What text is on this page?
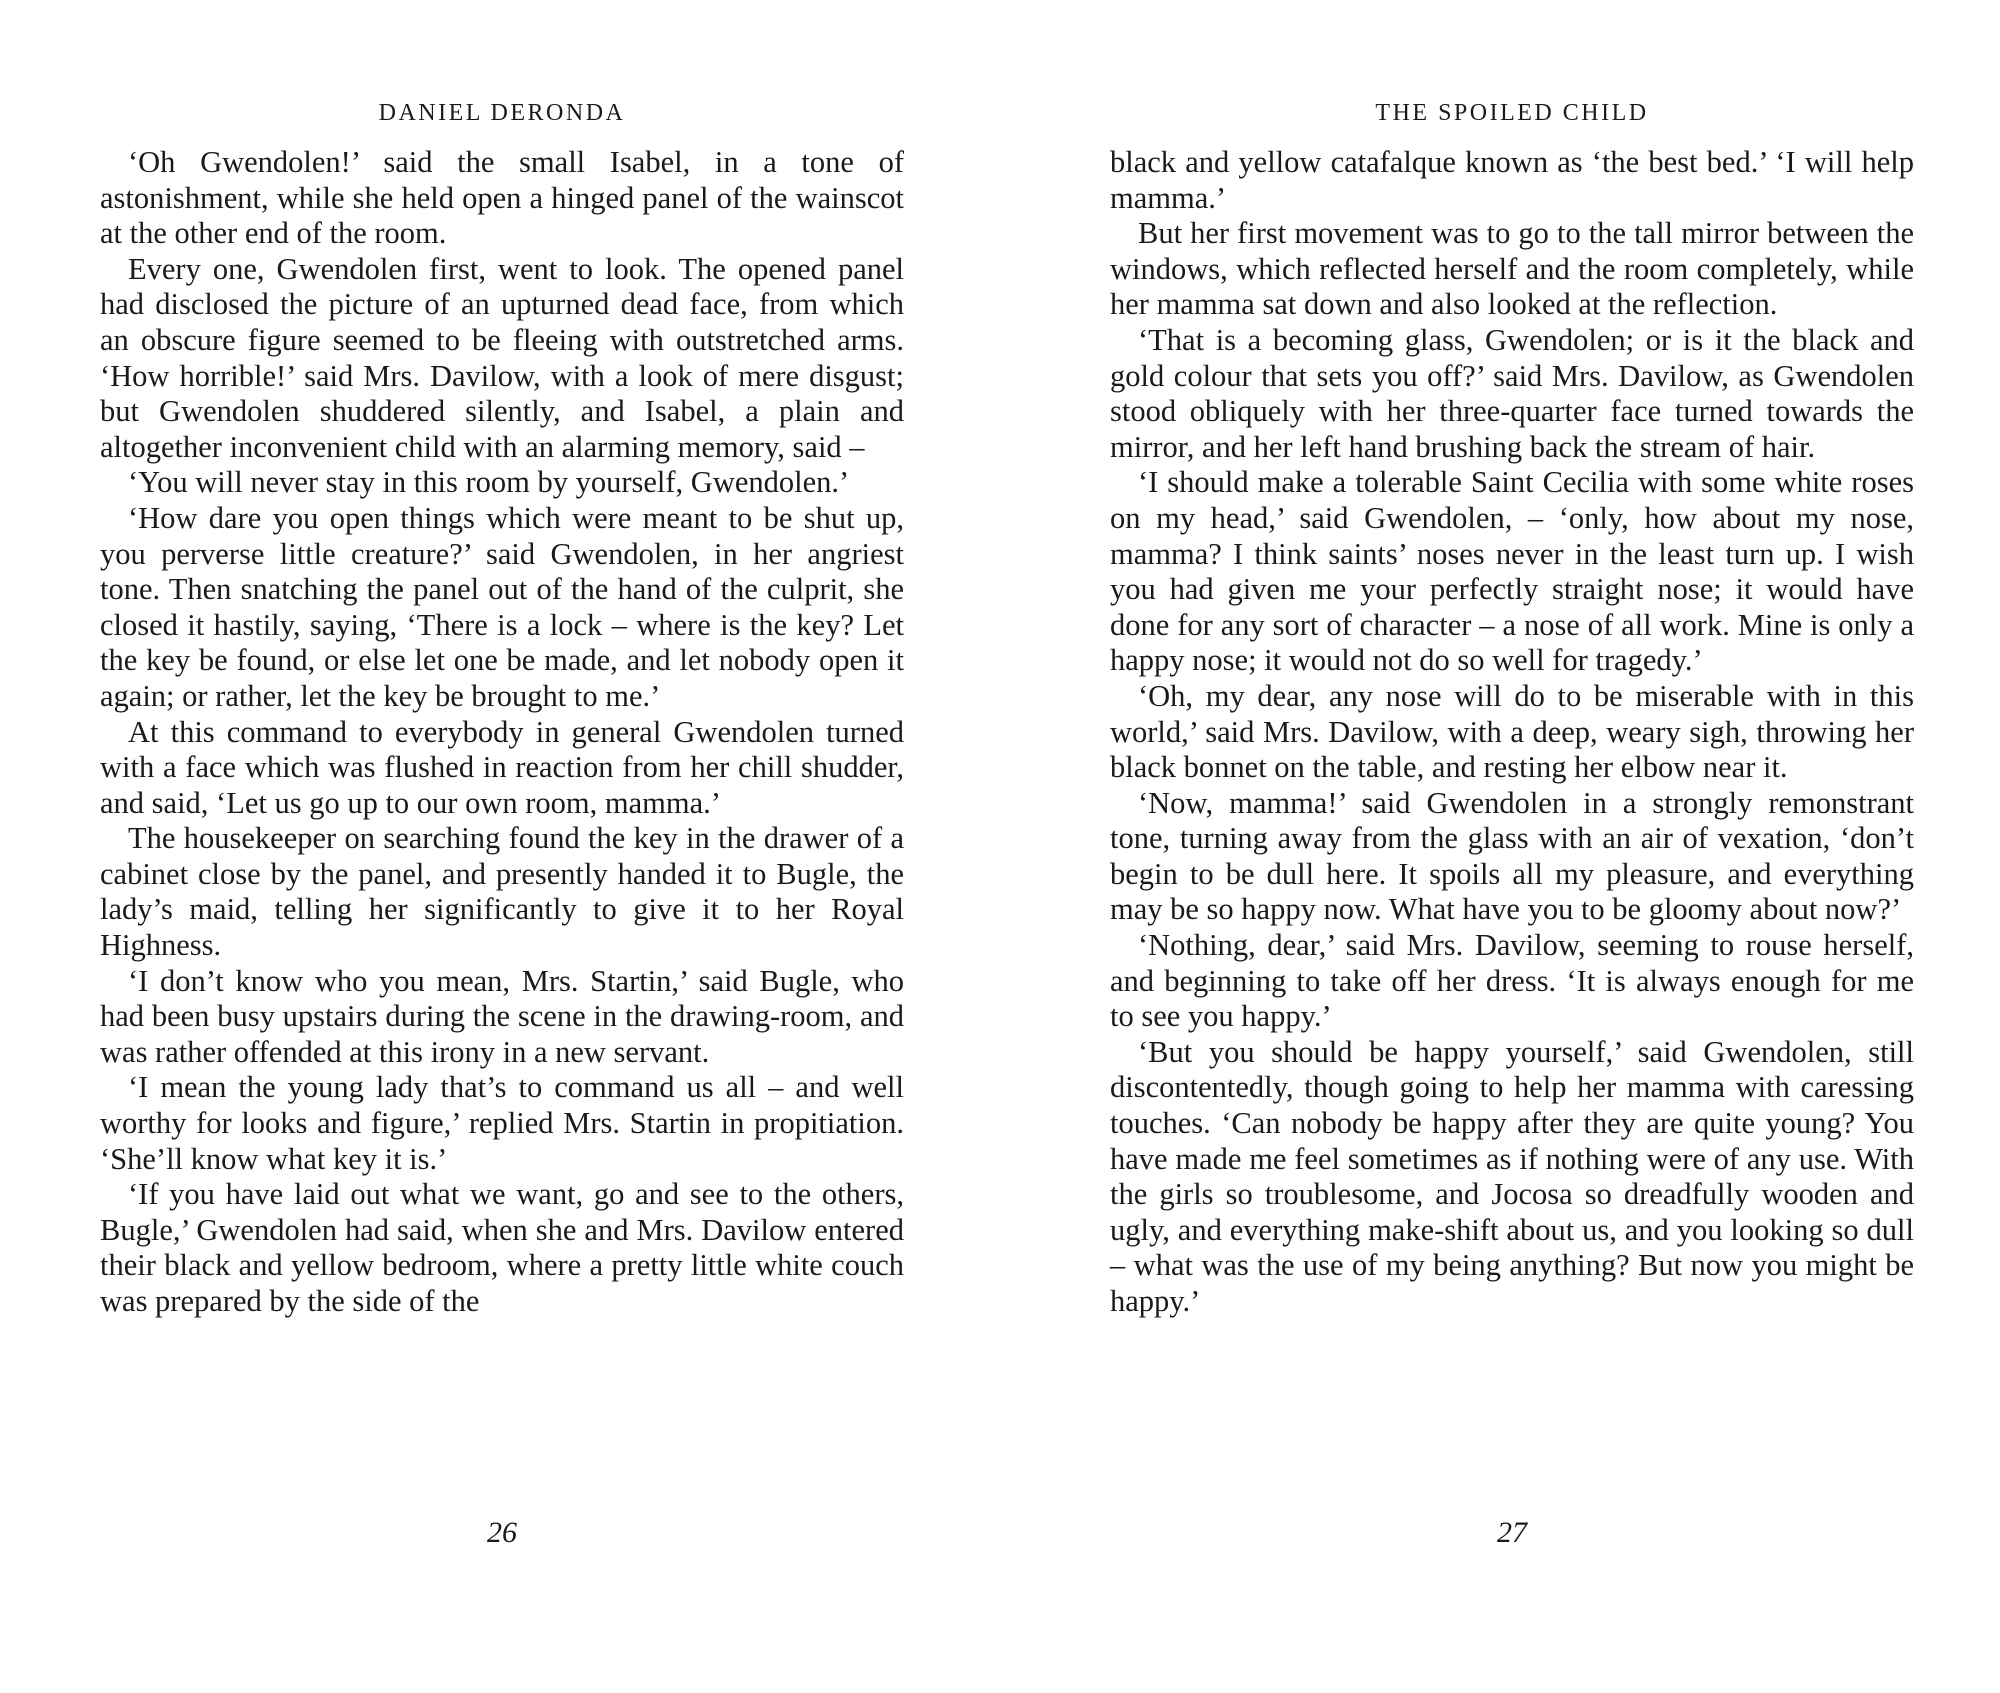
DANIEL DERONDA

‘Oh Gwendolen!’ said the small Isabel, in a tone of astonishment, while she held open a hinged panel of the wainscot at the other end of the room.

Every one, Gwendolen first, went to look. The opened panel had disclosed the picture of an upturned dead face, from which an obscure figure seemed to be fleeing with outstretched arms. ‘How horrible!’ said Mrs. Davilow, with a look of mere disgust; but Gwendolen shuddered silently, and Isabel, a plain and altogether inconvenient child with an alarming memory, said –

‘You will never stay in this room by yourself, Gwendolen.’

‘How dare you open things which were meant to be shut up, you perverse little creature?’ said Gwendolen, in her angriest tone. Then snatching the panel out of the hand of the culprit, she closed it hastily, saying, ‘There is a lock – where is the key? Let the key be found, or else let one be made, and let nobody open it again; or rather, let the key be brought to me.’

At this command to everybody in general Gwendolen turned with a face which was flushed in reaction from her chill shudder, and said, ‘Let us go up to our own room, mamma.’

The housekeeper on searching found the key in the drawer of a cabinet close by the panel, and presently handed it to Bugle, the lady’s maid, telling her significantly to give it to her Royal Highness.

‘I don’t know who you mean, Mrs. Startin,’ said Bugle, who had been busy upstairs during the scene in the drawing-room, and was rather offended at this irony in a new servant.

‘I mean the young lady that’s to command us all – and well worthy for looks and figure,’ replied Mrs. Startin in propitiation. ‘She’ll know what key it is.’

‘If you have laid out what we want, go and see to the others, Bugle,’ Gwendolen had said, when she and Mrs. Davilow entered their black and yellow bedroom, where a pretty little white couch was prepared by the side of the

26
THE SPOILED CHILD

black and yellow catafalque known as ‘the best bed.’ ‘I will help mamma.’

But her first movement was to go to the tall mirror between the windows, which reflected herself and the room completely, while her mamma sat down and also looked at the reflection.

‘That is a becoming glass, Gwendolen; or is it the black and gold colour that sets you off?’ said Mrs. Davilow, as Gwendolen stood obliquely with her three-quarter face turned towards the mirror, and her left hand brushing back the stream of hair.

‘I should make a tolerable Saint Cecilia with some white roses on my head,’ said Gwendolen, – ‘only, how about my nose, mamma? I think saints’ noses never in the least turn up. I wish you had given me your perfectly straight nose; it would have done for any sort of character – a nose of all work. Mine is only a happy nose; it would not do so well for tragedy.’

‘Oh, my dear, any nose will do to be miserable with in this world,’ said Mrs. Davilow, with a deep, weary sigh, throwing her black bonnet on the table, and resting her elbow near it.

‘Now, mamma!’ said Gwendolen in a strongly remonstrant tone, turning away from the glass with an air of vexation, ‘don’t begin to be dull here. It spoils all my pleasure, and everything may be so happy now. What have you to be gloomy about now?’

‘Nothing, dear,’ said Mrs. Davilow, seeming to rouse herself, and beginning to take off her dress. ‘It is always enough for me to see you happy.’

‘But you should be happy yourself,’ said Gwendolen, still discontentedly, though going to help her mamma with caressing touches. ‘Can nobody be happy after they are quite young? You have made me feel sometimes as if nothing were of any use. With the girls so troublesome, and Jocosa so dreadfully wooden and ugly, and everything make-shift about us, and you looking so dull – what was the use of my being anything? But now you might be happy.’

27
